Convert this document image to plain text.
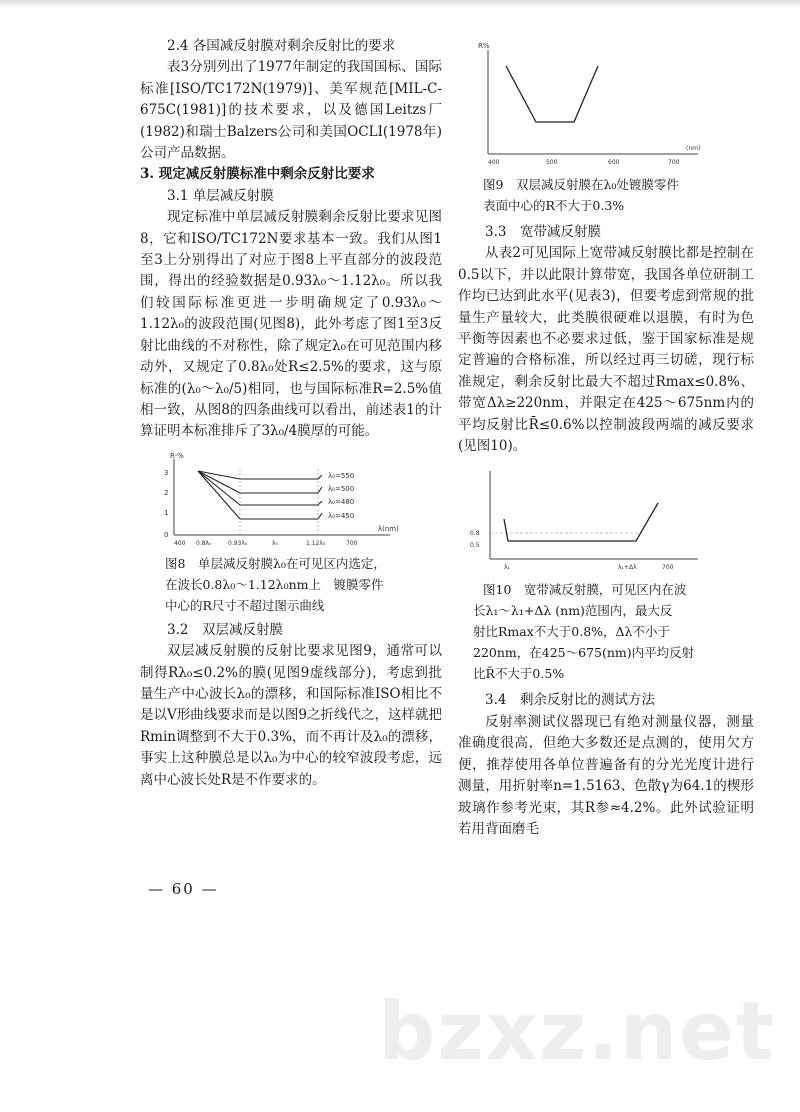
2.4 各国减反射膜对剩余反射比的要求

表3分别列出了1977年制定的我国国标、国际标准[ISO/TC172N(1979)]、美军规范[MIL-C-675C(1981)]的技术要求，以及德国Leitzs厂(1982)和瑞士Balzers公司和美国OCLI(1978年)公司产品数据。

3. 现定减反射膜标准中剩余反射比要求

3.1 单层减反射膜

现定标准中单层减反射膜剩余反射比要求见图8，它和ISO/TC172N要求基本一致。我们从图1至3上分别得出了对应于图8上平直部分的波段范围，得出的经验数据是0.93λ₀～1.12λ₀。所以我们较国际标准更进一步明确规定了0.93λ₀～1.12λ₀的波段范围(见图8)，此外考虑了图1至3反射比曲线的不对称性，除了规定λ₀在可见范围内移动外，又规定了0.8λ₀处R≤2.5%的要求，这与原标准的(λ₀～λ₀/5)相同，也与国际标准R=2.5%值相一致，从图8的四条曲线可以看出，前述表1的计算证明本标准排斥了3λ₀/4膜厚的可能。

R-%
3
2
1
0
λ₀=550
λ₀=500
λ₀=480
λ₀=450
400 0.8λ₀	0.93λ₀	λ₀	1.12λ₀	700
λ(nm)

图8　单层减反射膜λ₀在可见区内选定，

在波长0.8λ₀～1.12λ₀nm上　镀膜零件

中心的R尺寸不超过图示曲线

3.2　双层减反射膜

双层减反射膜的反射比要求见图9，通常可以制得Rλ₀≤0.2%的膜(见图9虚线部分)，考虑到批量生产中心波长λ₀的漂移，和国际标准ISO相比不是以V形曲线要求而是以图9之折线代之，这样就把Rmin调整到不大于0.3%，而不再计及λ₀的漂移，事实上这种膜总是以λ₀为中心的较窄波段考虑，远离中心波长处R是不作要求的。

— 60 —
R%
400	500	600	700
(nm)

图9　双层减反射膜在λ₀处镀膜零件

表面中心的R不大于0.3%

3.3　宽带减反射膜

从表2可见国际上宽带减反射膜比都是控制在0.5以下，并以此限计算带宽，我国各单位研制工作均已达到此水平(见表3)，但要考虑到常规的批量生产量较大，此类膜很硬难以退膜，有时为色平衡等因素也不必要求过低，鉴于国家标准是规定普遍的合格标准，所以经过再三切磋，现行标准规定，剩余反射比最大不超过Rmax≤0.8%、带宽Δλ≥220nm，并限定在425～675nm内的平均反射比R̄≤0.6%以控制波段两端的减反要求(见图10)。

0.8
0.5
λ₁	λ₁+Δλ	700

图10　宽带减反射膜，可见区内在波

长λ₁～λ₁+Δλ (nm)范围内，最大反

射比Rmax不大于0.8%，Δλ不小于

220nm，在425～675(nm)内平均反射

比R̄不大于0.5%

3.4　剩余反射比的测试方法

反射率测试仪器现已有绝对测量仪器，测量准确度很高，但绝大多数还是点测的，使用欠方便，推荐使用各单位普遍备有的分光光度计进行测量，用折射率n=1.5163、色散γ为64.1的楔形玻璃作参考光束，其R参≈4.2%。此外试验证明若用背面磨毛

bzxz.net
